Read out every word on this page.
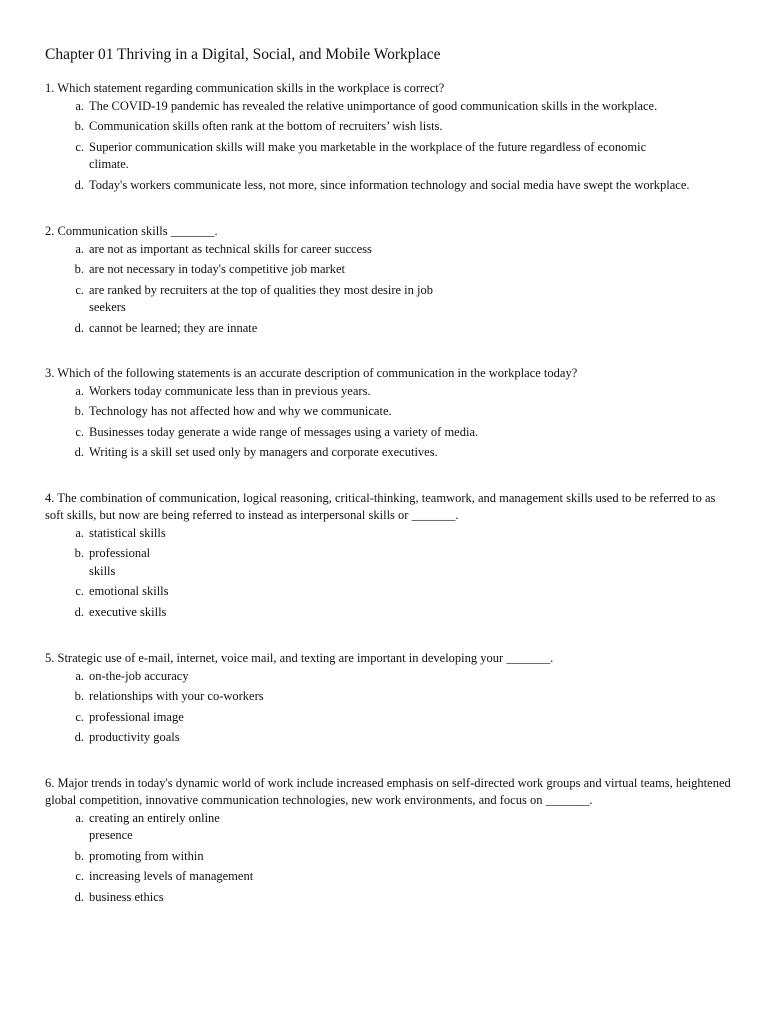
Chapter 01 Thriving in a Digital, Social, and Mobile Workplace

1. Which statement regarding communication skills in the workplace is correct?

a. The COVID-19 pandemic has revealed the relative unimportance of good communication skills in the workplace.
b. Communication skills often rank at the bottom of recruiters’ wish lists.
c. Superior communication skills will make you marketable in the workplace of the future regardless of economic climate.
d. Today's workers communicate less, not more, since information technology and social media have swept the workplace.

2. Communication skills _______.

a. are not as important as technical skills for career success
b. are not necessary in today's competitive job market
c. are ranked by recruiters at the top of qualities they most desire in job seekers
d. cannot be learned; they are innate

3. Which of the following statements is an accurate description of communication in the workplace today?

a. Workers today communicate less than in previous years.
b. Technology has not affected how and why we communicate.
c. Businesses today generate a wide range of messages using a variety of media.
d. Writing is a skill set used only by managers and corporate executives.

4. The combination of communication, logical reasoning, critical-thinking, teamwork, and management skills used to be referred to as soft skills, but now are being referred to instead as interpersonal skills or _______.

a. statistical skills
b. professional skills
c. emotional skills
d. executive skills

5. Strategic use of e-mail, internet, voice mail, and texting are important in developing your _______.

a. on-the-job accuracy
b. relationships with your co-workers
c. professional image
d. productivity goals

6. Major trends in today's dynamic world of work include increased emphasis on self-directed work groups and virtual teams, heightened global competition, innovative communication technologies, new work environments, and focus on _______.

a. creating an entirely online presence
b. promoting from within
c. increasing levels of management
d. business ethics
